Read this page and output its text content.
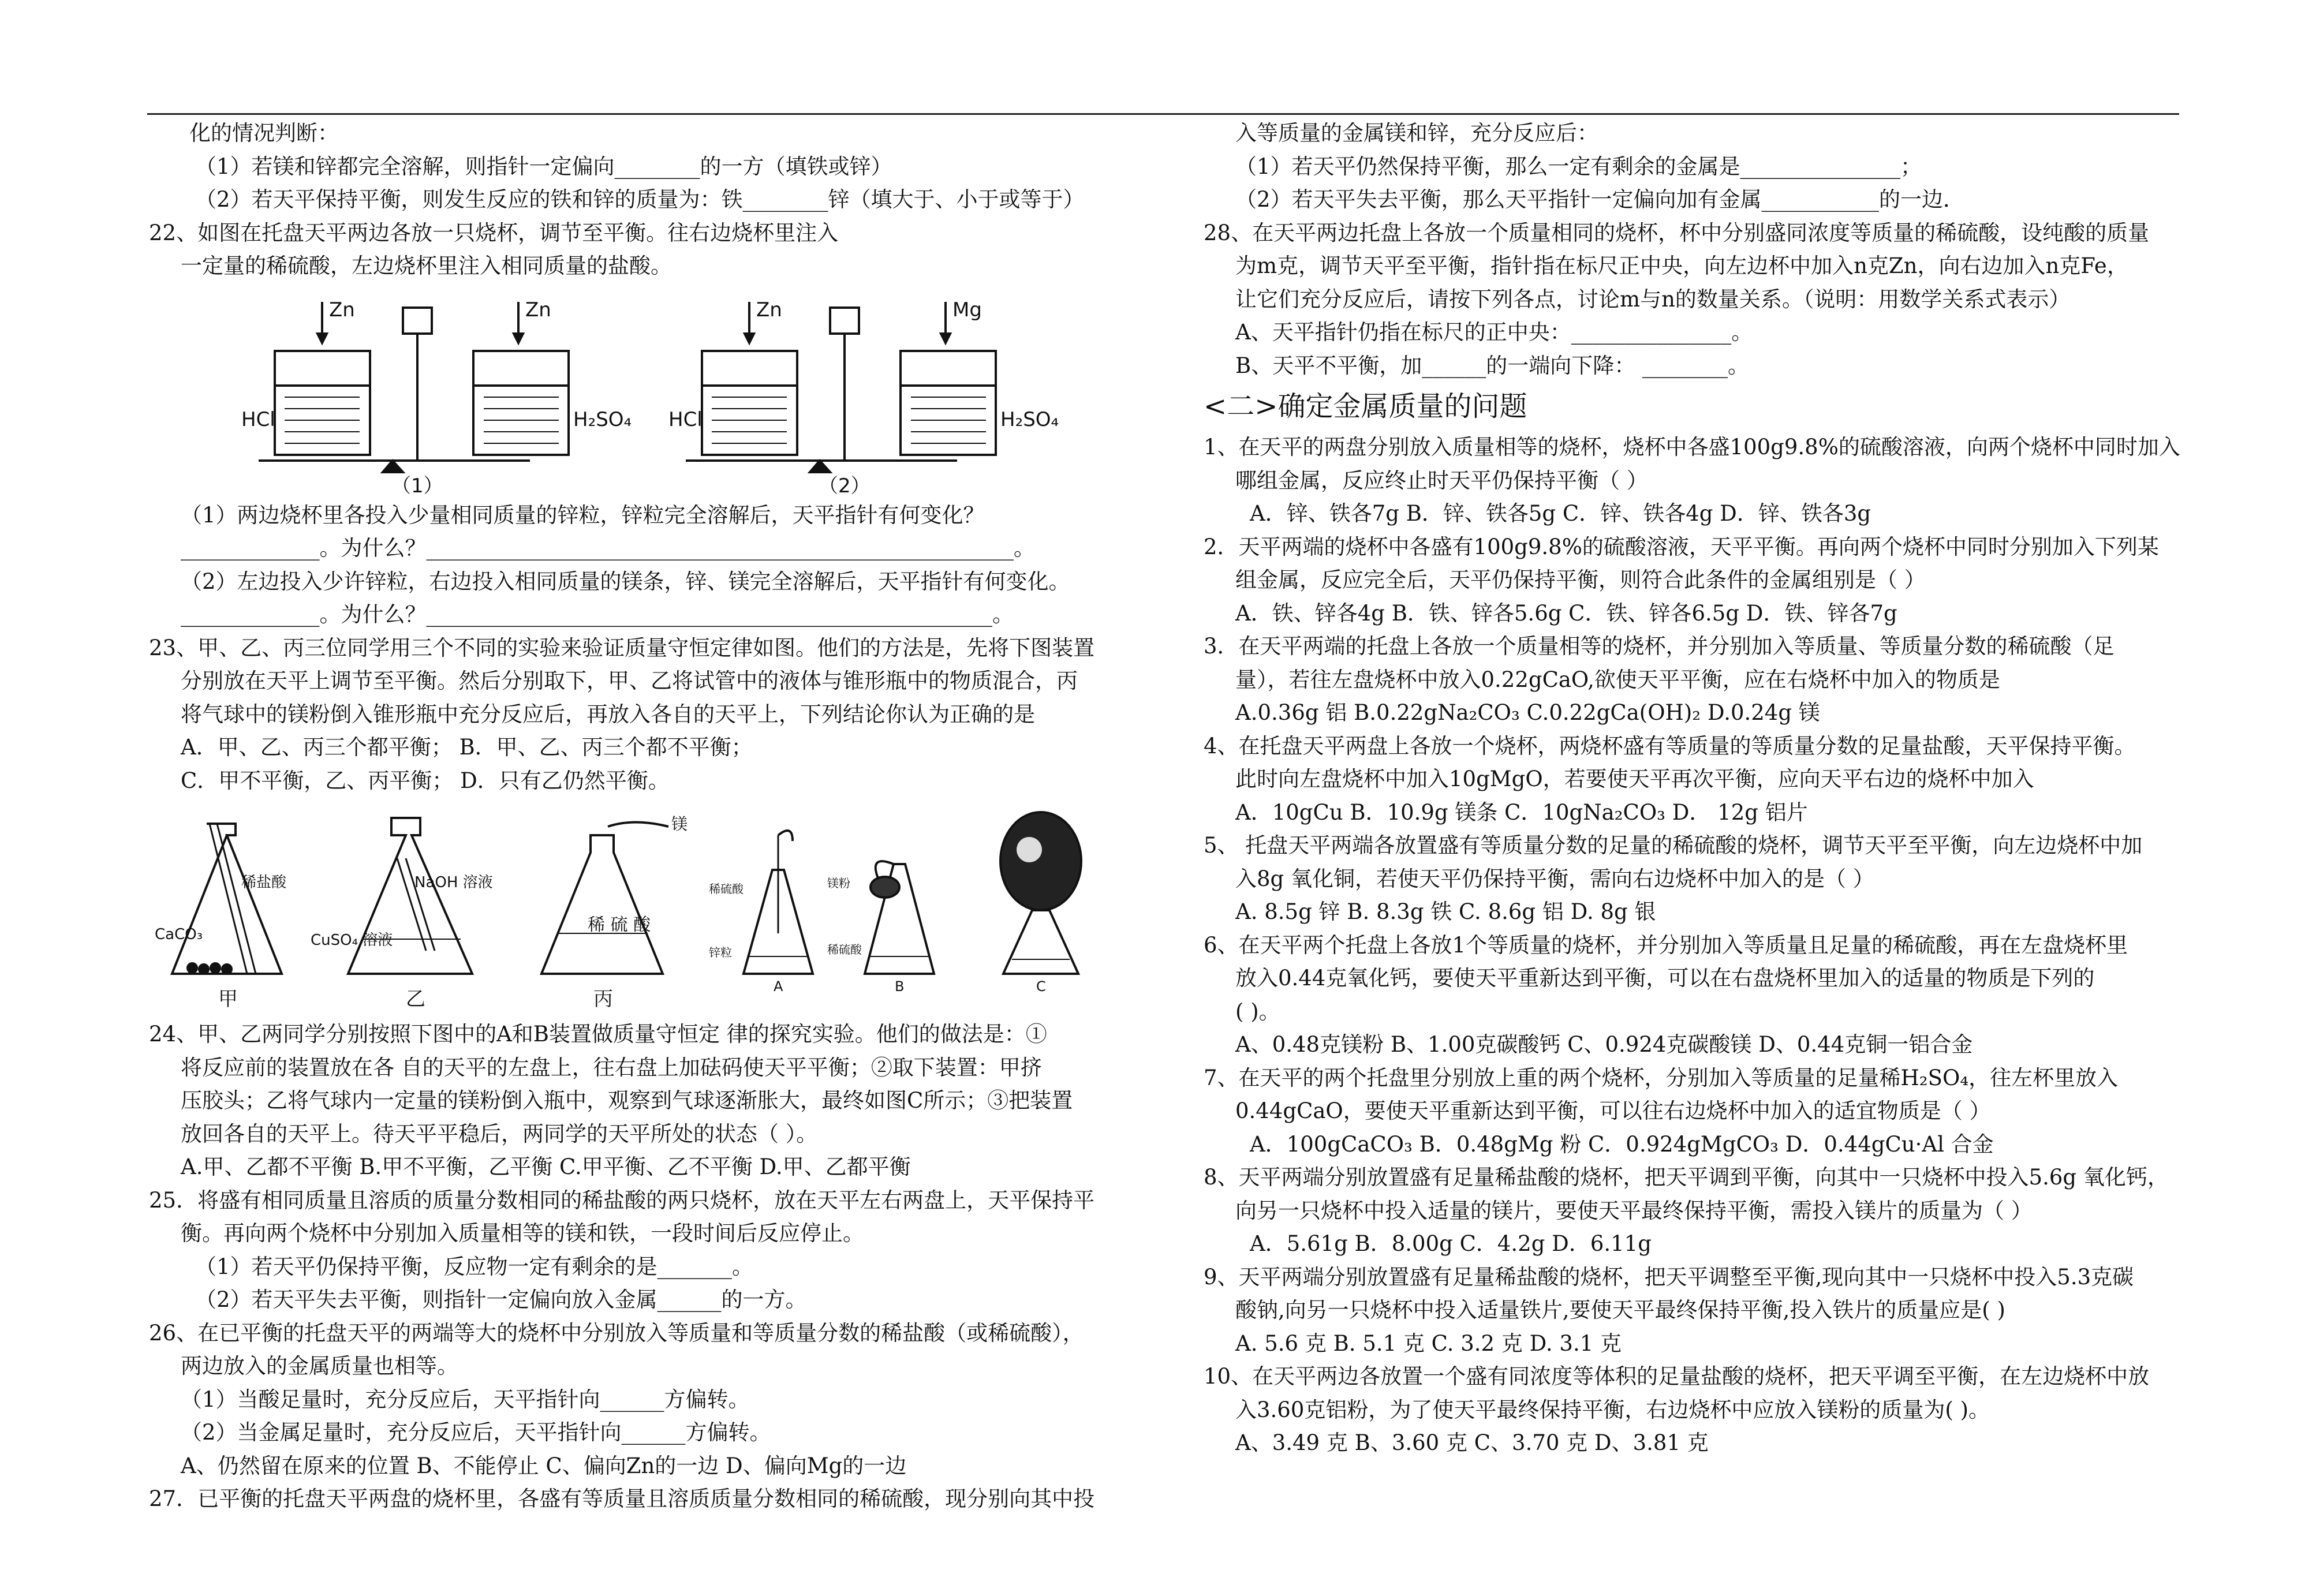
化的情况判断：
（1）若镁和锌都完全溶解，则指针一定偏向________的一方（填铁或锌）
（2）若天平保持平衡，则发生反应的铁和锌的质量为：铁________锌（填大于、小于或等于）
22、如图在托盘天平两边各放一只烧杯，调节至平衡。往右边烧杯里注入
一定量的稀硫酸，左边烧杯里注入相同质量的盐酸。
Zn	Zn
HCl	H₂SO₄
（1）
Zn	Mg
HCl	H₂SO₄
（2）
（1）两边烧杯里各投入少量相同质量的锌粒，锌粒完全溶解后，天平指针有何变化？
_____________。为什么？_______________________________________________________。
（2）左边投入少许锌粒，右边投入相同质量的镁条，锌、镁完全溶解后，天平指针有何变化。
_____________。为什么？_____________________________________________________。
23、甲、乙、丙三位同学用三个不同的实验来验证质量守恒定律如图。他们的方法是，先将下图装置
分别放在天平上调节至平衡。然后分别取下，甲、乙将试管中的液体与锥形瓶中的物质混合，丙
将气球中的镁粉倒入锥形瓶中充分反应后，再放入各自的天平上，下列结论你认为正确的是
A．甲、乙、丙三个都平衡； B．甲、乙、丙三个都不平衡；
C．甲不平衡，乙、丙平衡； D．只有乙仍然平衡。
稀盐酸
CaCO₃
NaOH 溶液
CuSO₄ 溶液
镁
稀 硫 酸
稀硫酸
锌粒
镁粉
稀硫酸
甲	乙	丙
A	B	C
24、甲、乙两同学分别按照下图中的A和B装置做质量守恒定 律的探究实验。他们的做法是：①
将反应前的装置放在各 自的天平的左盘上，往右盘上加砝码使天平平衡；②取下装置：甲挤
压胶头；乙将气球内一定量的镁粉倒入瓶中，观察到气球逐渐胀大，最终如图C所示；③把装置
放回各自的天平上。待天平平稳后，两同学的天平所处的状态（ ）。
A.甲、乙都不平衡 B.甲不平衡，乙平衡 C.甲平衡、乙不平衡 D.甲、乙都平衡
25．将盛有相同质量且溶质的质量分数相同的稀盐酸的两只烧杯，放在天平左右两盘上，天平保持平
衡。再向两个烧杯中分别加入质量相等的镁和铁，一段时间后反应停止。
（1）若天平仍保持平衡，反应物一定有剩余的是_______。
（2）若天平失去平衡，则指针一定偏向放入金属______的一方。
26、在已平衡的托盘天平的两端等大的烧杯中分别放入等质量和等质量分数的稀盐酸（或稀硫酸），
两边放入的金属质量也相等。
（1）当酸足量时，充分反应后，天平指针向______方偏转。
（2）当金属足量时，充分反应后，天平指针向______方偏转。
A、仍然留在原来的位置 B、不能停止 C、偏向Zn的一边 D、偏向Mg的一边
27．已平衡的托盘天平两盘的烧杯里，各盛有等质量且溶质质量分数相同的稀硫酸，现分别向其中投
入等质量的金属镁和锌，充分反应后：
（1）若天平仍然保持平衡，那么一定有剩余的金属是_______________；
（2）若天平失去平衡，那么天平指针一定偏向加有金属___________的一边．
28、在天平两边托盘上各放一个质量相同的烧杯，杯中分别盛同浓度等质量的稀硫酸，设纯酸的质量
为m克，调节天平至平衡，指针指在标尺正中央，向左边杯中加入n克Zn，向右边加入n克Fe，
让它们充分反应后，请按下列各点，讨论m与n的数量关系。（说明：用数学关系式表示）
A、天平指针仍指在标尺的正中央：_______________。
B、天平不平衡，加______的一端向下降： ________。
<二>确定金属质量的问题
1、在天平的两盘分别放入质量相等的烧杯，烧杯中各盛100g9.8%的硫酸溶液，向两个烧杯中同时加入
哪组金属，反应终止时天平仍保持平衡（ ）
A．锌、铁各7g B．锌、铁各5g C．锌、铁各4g D．锌、铁各3g
2．天平两端的烧杯中各盛有100g9.8%的硫酸溶液，天平平衡。再向两个烧杯中同时分别加入下列某
组金属，反应完全后，天平仍保持平衡，则符合此条件的金属组别是（ ）
A．铁、锌各4g B．铁、锌各5.6g C．铁、锌各6.5g D．铁、锌各7g
3．在天平两端的托盘上各放一个质量相等的烧杯，并分别加入等质量、等质量分数的稀硫酸（足
量），若往左盘烧杯中放入0.22gCaO,欲使天平平衡，应在右烧杯中加入的物质是
A.0.36g 铝 B.0.22gNa₂CO₃ C.0.22gCa(OH)₂ D.0.24g 镁
4、在托盘天平两盘上各放一个烧杯，两烧杯盛有等质量的等质量分数的足量盐酸，天平保持平衡。
此时向左盘烧杯中加入10gMgO，若要使天平再次平衡，应向天平右边的烧杯中加入
A．10gCu B．10.9g 镁条 C．10gNa₂CO₃ D． 12g 铝片
5、 托盘天平两端各放置盛有等质量分数的足量的稀硫酸的烧杯，调节天平至平衡，向左边烧杯中加
入8g 氧化铜，若使天平仍保持平衡，需向右边烧杯中加入的是（ ）
A. 8.5g 锌 B. 8.3g 铁 C. 8.6g 铝 D. 8g 银
6、在天平两个托盘上各放1个等质量的烧杯，并分别加入等质量且足量的稀硫酸，再在左盘烧杯里
放入0.44克氧化钙，要使天平重新达到平衡，可以在右盘烧杯里加入的适量的物质是下列的
( )。
A、0.48克镁粉 B、1.00克碳酸钙 C、0.924克碳酸镁 D、0.44克铜一铝合金
7、在天平的两个托盘里分别放上重的两个烧杯，分别加入等质量的足量稀H₂SO₄，往左杯里放入
0.44gCaO，要使天平重新达到平衡，可以往右边烧杯中加入的适宜物质是（ ）
A．100gCaCO₃ B．0.48gMg 粉 C．0.924gMgCO₃ D．0.44gCu·Al 合金
8、天平两端分别放置盛有足量稀盐酸的烧杯，把天平调到平衡，向其中一只烧杯中投入5.6g 氧化钙，
向另一只烧杯中投入适量的镁片，要使天平最终保持平衡，需投入镁片的质量为（ ）
A．5.61g B．8.00g C．4.2g D．6.11g
9、天平两端分别放置盛有足量稀盐酸的烧杯，把天平调整至平衡,现向其中一只烧杯中投入5.3克碳
酸钠,向另一只烧杯中投入适量铁片,要使天平最终保持平衡,投入铁片的质量应是( )
A. 5.6 克 B. 5.1 克 C. 3.2 克 D. 3.1 克
10、在天平两边各放置一个盛有同浓度等体积的足量盐酸的烧杯，把天平调至平衡，在左边烧杯中放
入3.60克铝粉，为了使天平最终保持平衡，右边烧杯中应放入镁粉的质量为( )。
A、3.49 克 B、3.60 克 C、3.70 克 D、3.81 克
